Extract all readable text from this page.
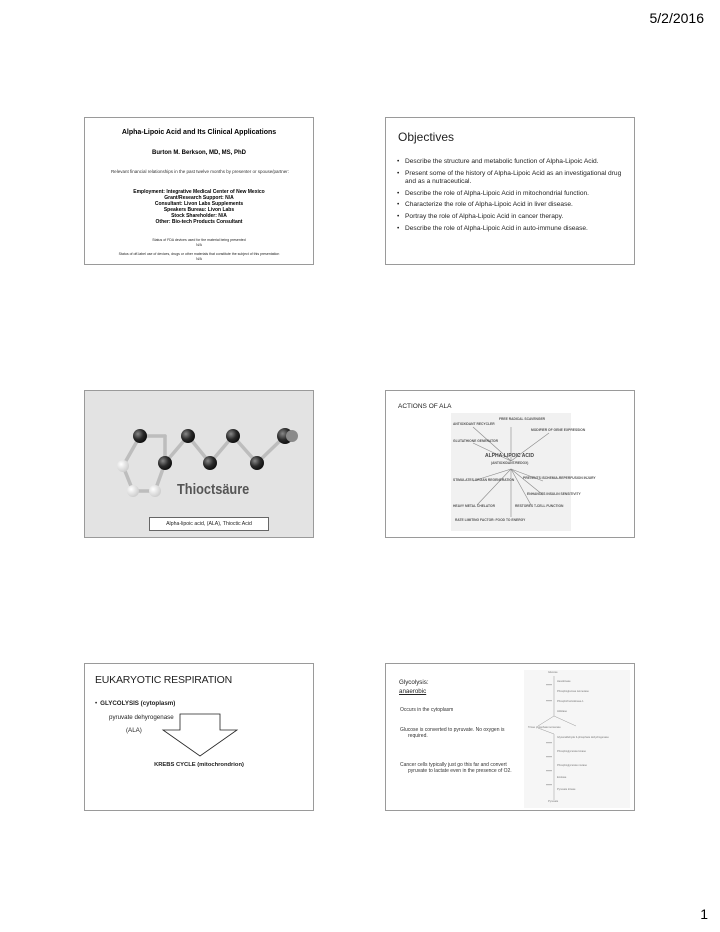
5/2/2016
Alpha-Lipoic Acid and Its Clinical Applications
Burton M. Berkson, MD, MS, PhD
Relevant financial relationships in the past twelve months by presenter or spouse/partner:
Employment: Integrative Medical Center of New Mexico
Grant/Research Support: N/A
Consultant: Livon Labs Supplements
Speakers Bureau: Livon Labs
Stock Shareholder: N/A
Other: Bio-tech Products Consultant
Status of FDA devices used for the material being presented
N/A
Status of off-label use of devices, drugs or other materials that constitute the subject of this presentation
N/A
Objectives
• Describe the structure and metabolic function of Alpha-Lipoic Acid.
• Present some of the history of Alpha-Lipoic Acid as an investigational drug and as a nutraceutical.
• Describe the role of Alpha-Lipoic Acid in mitochondrial function.
• Characterize the role of Alpha-Lipoic Acid in liver disease.
• Portray the role of Alpha-Lipoic Acid in cancer therapy.
• Describe the role of Alpha-Lipoic Acid in auto-immune disease.
Thioctsäure
Alpha-lipoic acid, (ALA), Thioctic Acid
ACTIONS OF ALA
FREE RADICAL SCAVENGER
ANTIOXIDANT RECYCLER
MODIFIER OF GENE EXPRESSION
GLUTATHIONE GENERATOR
ALPHA-LIPOIC ACID
(ANTIOXIDANT/REDOX)
STIMULATES ORGAN REGENERATION	PREVENTS ISCHEMIA-REPERFUSION INJURY
ENHANCES INSULIN SENSITIVITY
HEAVY METAL CHELATOR	RESTORES T-CELL FUNCTION
RATE LIMITING FACTOR: FOOD TO ENERGY
EUKARYOTIC RESPIRATION
• GLYCOLYSIS (cytoplasm)
pyruvate dehyrogenase
(ALA)
KREBS CYCLE (mitochrondrion)
Glycolysis:
anaerobic
Occurs in the cytoplasm
Glucose is converted to pyruvate. No oxygen is required.
Cancer cells typically just go this far and convert pyruvate to lactate even in the presence of O2.
Glucose
Hexokinase
Phosphoglucose isomerase
Phosphofructokinase-1
Aldolase
Triose phosphate isomerase
Glyceraldehyde 3-phosphate dehydrogenase
Phosphoglycerate kinase
Phosphoglycerate mutase
Enolase
Pyruvate kinase
Pyruvate
1
